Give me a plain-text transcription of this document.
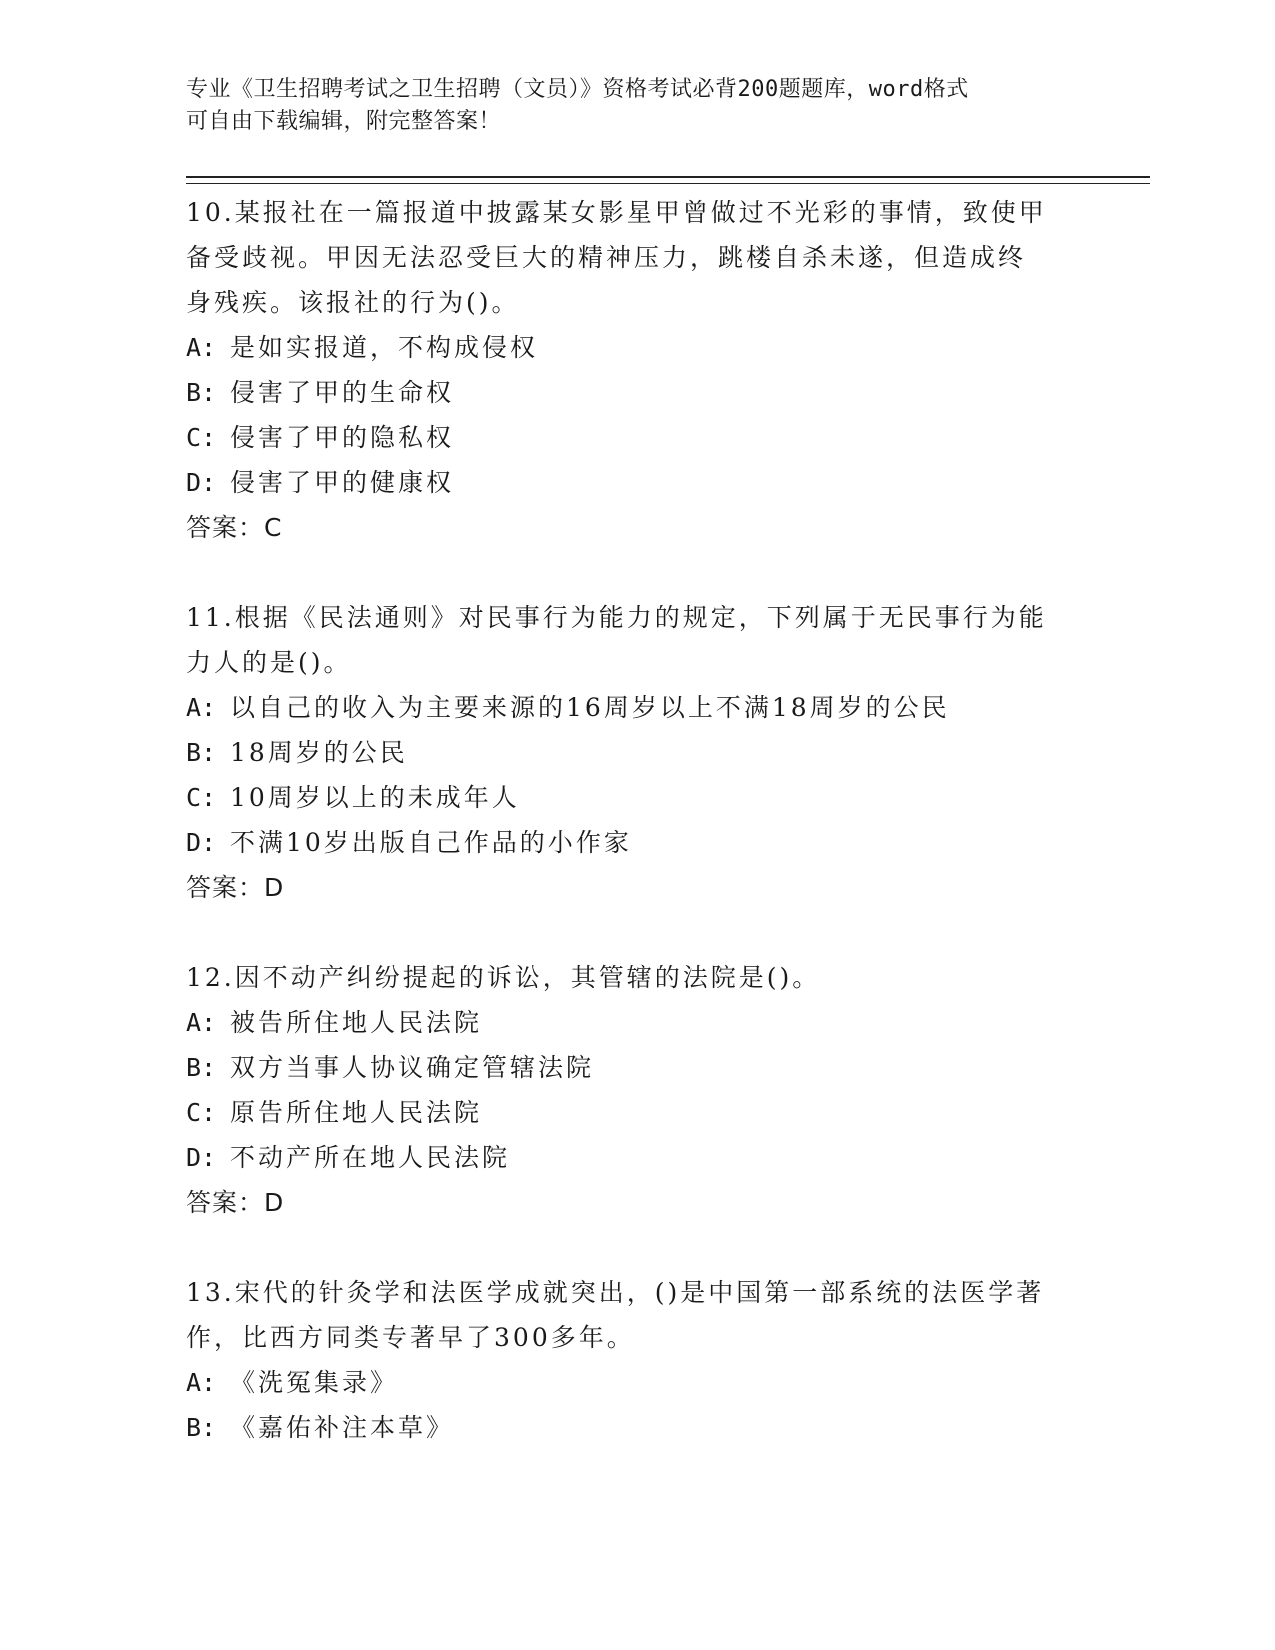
专业《卫生招聘考试之卫生招聘（文员）》资格考试必背200题题库，word格式
可自由下载编辑，附完整答案！
10.某报社在一篇报道中披露某女影星甲曾做过不光彩的事情，致使甲
备受歧视。甲因无法忍受巨大的精神压力，跳楼自杀未遂，但造成终
身残疾。该报社的行为()。
A: 是如实报道，不构成侵权
B: 侵害了甲的生命权
C: 侵害了甲的隐私权
D: 侵害了甲的健康权
答案：C
11.根据《民法通则》对民事行为能力的规定，下列属于无民事行为能
力人的是()。
A: 以自己的收入为主要来源的16周岁以上不满18周岁的公民
B: 18周岁的公民
C: 10周岁以上的未成年人
D: 不满10岁出版自己作品的小作家
答案：D
12.因不动产纠纷提起的诉讼，其管辖的法院是()。
A: 被告所住地人民法院
B: 双方当事人协议确定管辖法院
C: 原告所住地人民法院
D: 不动产所在地人民法院
答案：D
13.宋代的针灸学和法医学成就突出，()是中国第一部系统的法医学著
作，比西方同类专著早了300多年。
A: 《洗冤集录》
B: 《嘉佑补注本草》
